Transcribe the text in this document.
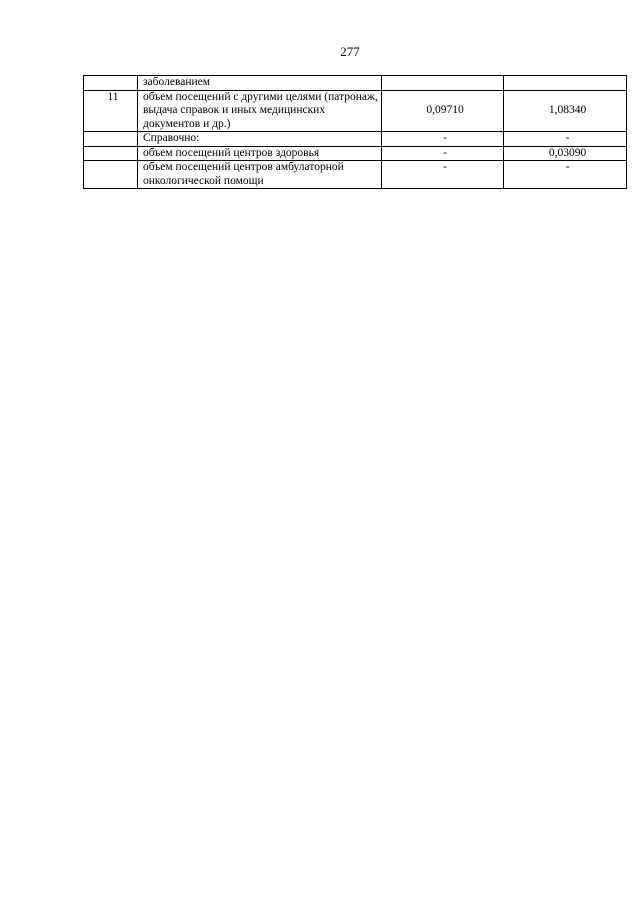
277
	заболеванием		
11	объем посещений с другими целями (патронаж, выдача справок и иных медицинских документов и др.)	0,09710	1,08340
	Справочно:	-	-
	объем посещений центров здоровья	-	0,03090
	объем посещений центров амбулаторной онкологической помощи	-	-
